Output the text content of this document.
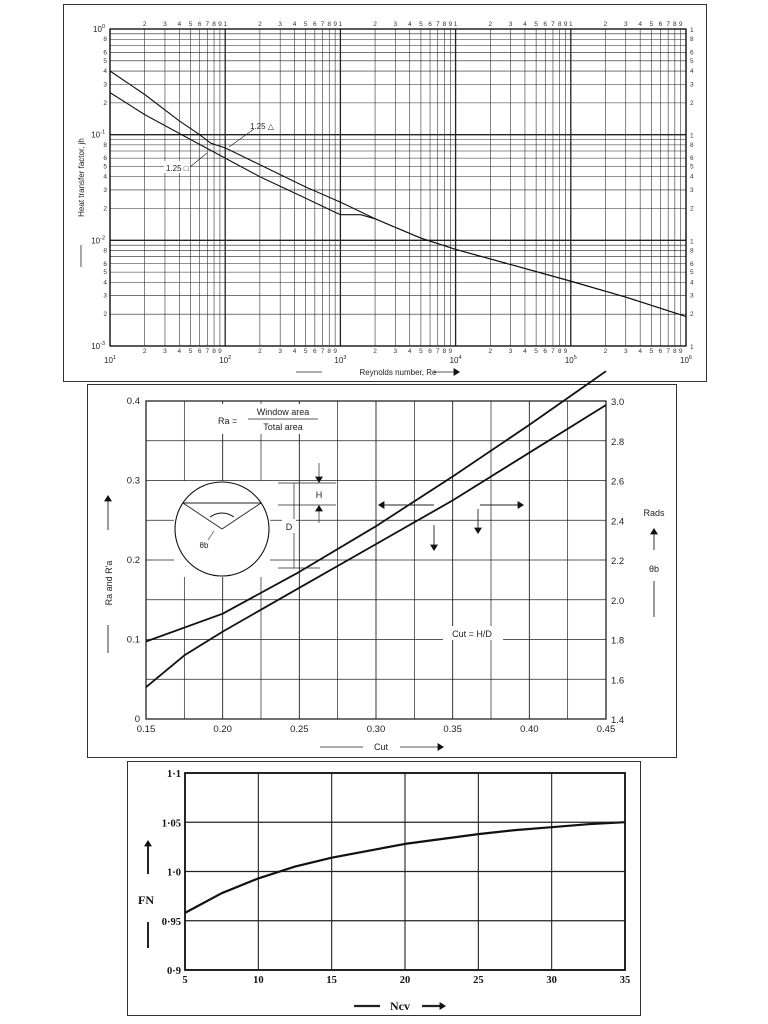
2
2
3
3
4
4
5
5
6
6
7
7
8
8
9
9
1	2
2
3
3
4
4
5
5
6
6
7
7
8
8
9
9
1	2
2
3
3
4
4
5
5
6
6
7
7
8
8
9
9
1	2
2
3
3
4
4
5
5
6
6
7
7
8
8
9
9
1	2
2
3
3
4
4
5
5
6
6
7
7
8
8
9
9
2	2
3	3
4	4
5	5
6	6
8	8
2	2
3	3
4	4
5	5
6	6
8	8
2	2
3	3
4	4
5	5
6	6
8	8
$10^1$	$10^2$	$10^3$	$10^4$	$10^5$	$10^6$
$10^0$	1
$10^{-1}$	1
$10^{-2}$	1
$10^{-3}$	1
Reynolds number, Re
Heat transfer factor, jh
1.25 △
1.25 □
0.15	0.20	0.25	0.30	0.35	0.40	0.45
0
0.1
0.2
0.3
0.4
1.4
1.6
1.8
2.0
2.2
2.4
2.6
2.8
3.0
Cut
Ra and R'a
Rads
θb
Ra =
Window area
Total area
Cut = H/D
θb
H
D
5	10	15	20	25	30	35
0·9
0·95
1·0
1·05
1·1
Ncv
FN
